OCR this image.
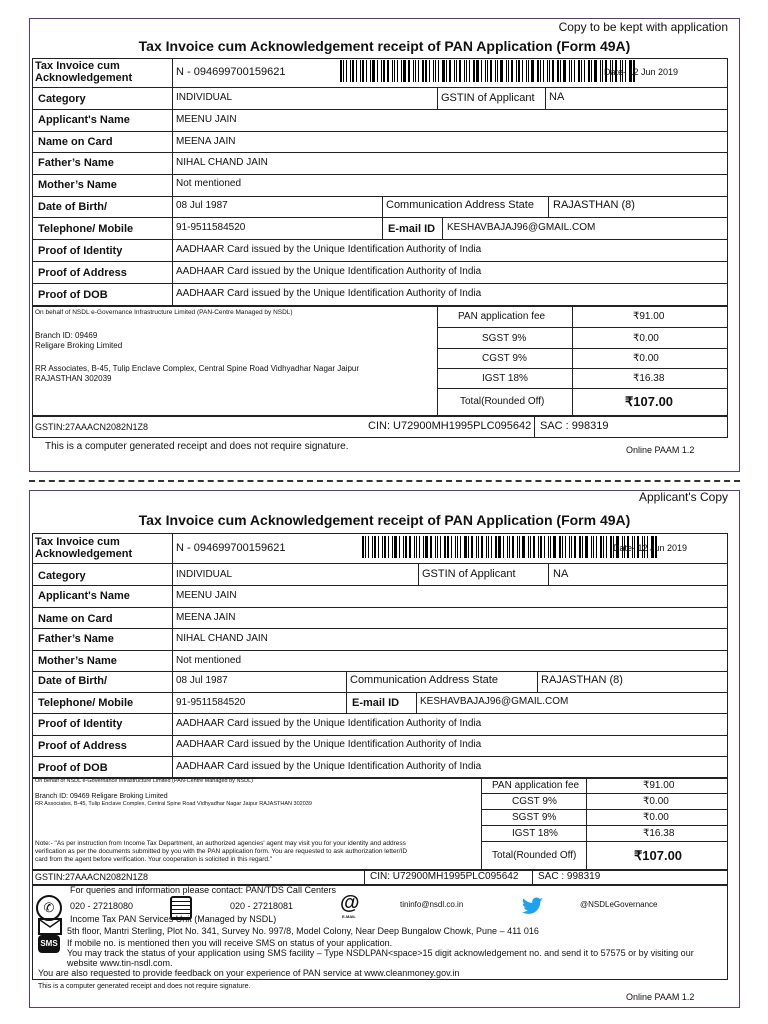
Copy to be kept with application
Tax Invoice cum Acknowledgement receipt of PAN Application (Form 49A)
Tax Invoice cum Acknowledgement	N - 094699700159621	Date- 12 Jun 2019
Category	INDIVIDUAL	GSTIN of Applicant NA
Applicant's Name	MEENU JAIN
Name on Card	MEENA JAIN
Father’s Name	NIHAL CHAND JAIN
Mother’s Name	Not mentioned
Date of Birth/	08 Jul 1987	Communication Address State RAJASTHAN (8)
Telephone/ Mobile	91-9511584520	E-mail ID KESHAVBAJAJ96@GMAIL.COM
Proof of Identity	AADHAAR Card issued by the Unique Identification Authority of India
Proof of Address	AADHAAR Card issued by the Unique Identification Authority of India
Proof of DOB	AADHAAR Card issued by the Unique Identification Authority of India
On behalf of NSDL e-Governance Infrastructure Limited (PAN-Centre Managed by NSDL)
Branch ID: 09469
Religare Broking Limited
RR Associates, B-45, Tulip Enclave Complex, Central Spine Road Vidhyadhar Nagar Jaipur
RAJASTHAN 302039
PAN application fee	₹91.00
SGST 9%	₹0.00
CGST 9%	₹0.00
IGST 18%	₹16.38
Total(Rounded Off)	₹107.00
GSTIN:27AAACN2082N1Z8	CIN: U72900MH1995PLC095642 SAC : 998319
This is a computer generated receipt and does not require signature.	Online PAAM 1.2
Applicant's Copy
Tax Invoice cum Acknowledgement receipt of PAN Application (Form 49A)
Tax Invoice cum Acknowledgement	N - 094699700159621	Date- 12 Jun 2019
Category	INDIVIDUAL	GSTIN of Applicant	NA
Applicant's Name	MEENU JAIN
Name on Card	MEENA JAIN
Father’s Name	NIHAL CHAND JAIN
Mother’s Name	Not mentioned
Date of Birth/	08 Jul 1987	Communication Address State	RAJASTHAN (8)
Telephone/ Mobile	91-9511584520	E-mail ID KESHAVBAJAJ96@GMAIL.COM
Proof of Identity	AADHAAR Card issued by the Unique Identification Authority of India
Proof of Address	AADHAAR Card issued by the Unique Identification Authority of India
Proof of DOB	AADHAAR Card issued by the Unique Identification Authority of India
On behalf of NSDL e-Governance Infrastructure Limited (PAN-Centre Managed by NSDL)
Branch ID: 09469 Religare Broking Limited
RR Associates, B-45, Tulip Enclave Complex, Central Spine Road Vidhyadhar Nagar Jaipur RAJASTHAN 302039
Note:- "As per instruction from Income Tax Department, an authorized agencies' agent may visit you for your identity and address
verification as per the documents submitted by you with the PAN application form. You are requested to ask authorization letter/ID
card from the agent before verification. Your cooperation is solicited in this regard."
PAN application fee	₹91.00
CGST 9%	₹0.00
SGST 9%	₹0.00
IGST 18%	₹16.38
Total(Rounded Off)	₹107.00
GSTIN:27AAACN2082N1Z8	CIN: U72900MH1995PLC095642 SAC : 998319
For queries and information please contact: PAN/TDS Call Centers
✆	020 - 27218080	020 - 27218081 @
E-MAIL
tininfo@nsdl.co.in	@NSDLeGovernance
Income Tax PAN Services Unit (Managed by NSDL)
5th floor, Mantri Sterling, Plot No. 341, Survey No. 997/8, Model Colony, Near Deep Bungalow Chowk, Pune – 411 016
SMS If mobile no. is mentioned then you will receive SMS on status of your application.
You may track the status of your application using SMS facility – Type NSDLPAN<space>15 digit acknowledgement no. and send it to 57575 or by visiting our
website www.tin-nsdl.com.
You are also requested to provide feedback on your experience of PAN service at www.cleanmoney.gov.in
This is a computer generated receipt and does not require signature.
Online PAAM 1.2
